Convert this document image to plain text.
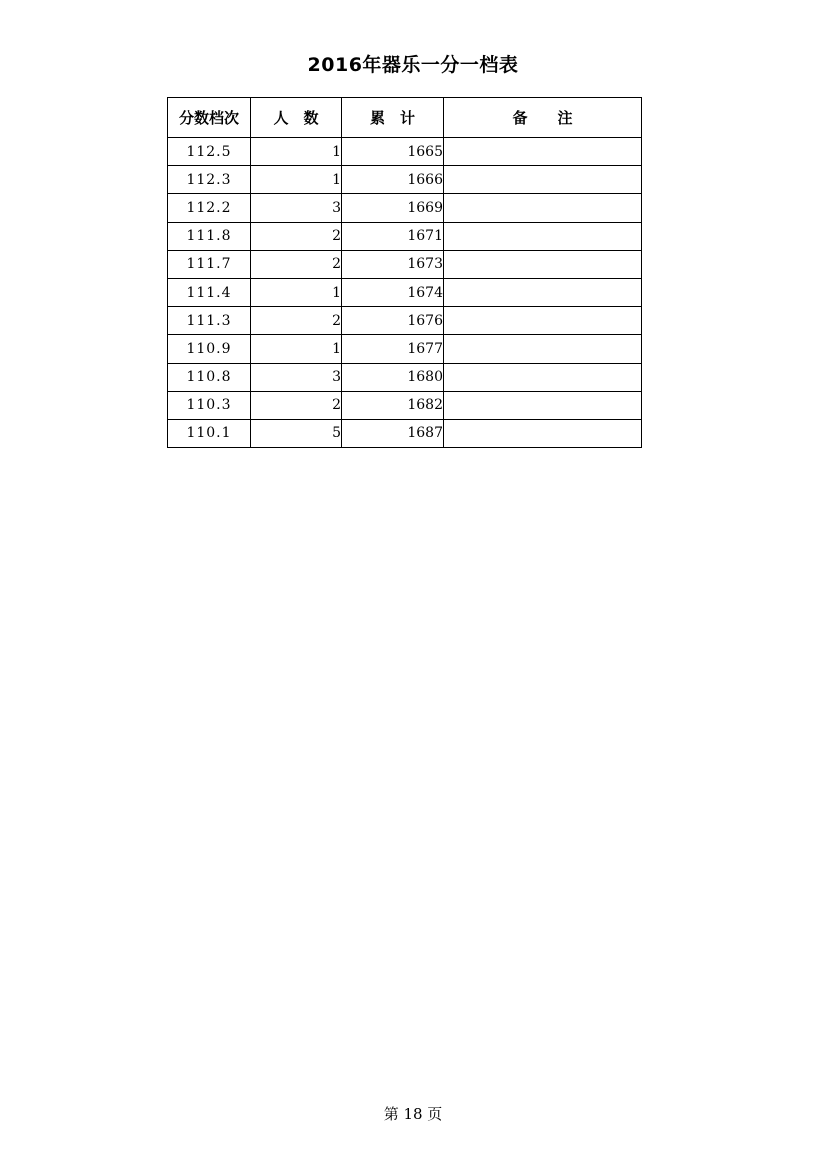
2016年器乐一分一档表
分数档次	人　数	累　计	备　　注
112.5	1	1665	
112.3	1	1666	
112.2	3	1669	
111.8	2	1671	
111.7	2	1673	
111.4	1	1674	
111.3	2	1676	
110.9	1	1677	
110.8	3	1680	
110.3	2	1682	
110.1	5	1687	
第 18 页
